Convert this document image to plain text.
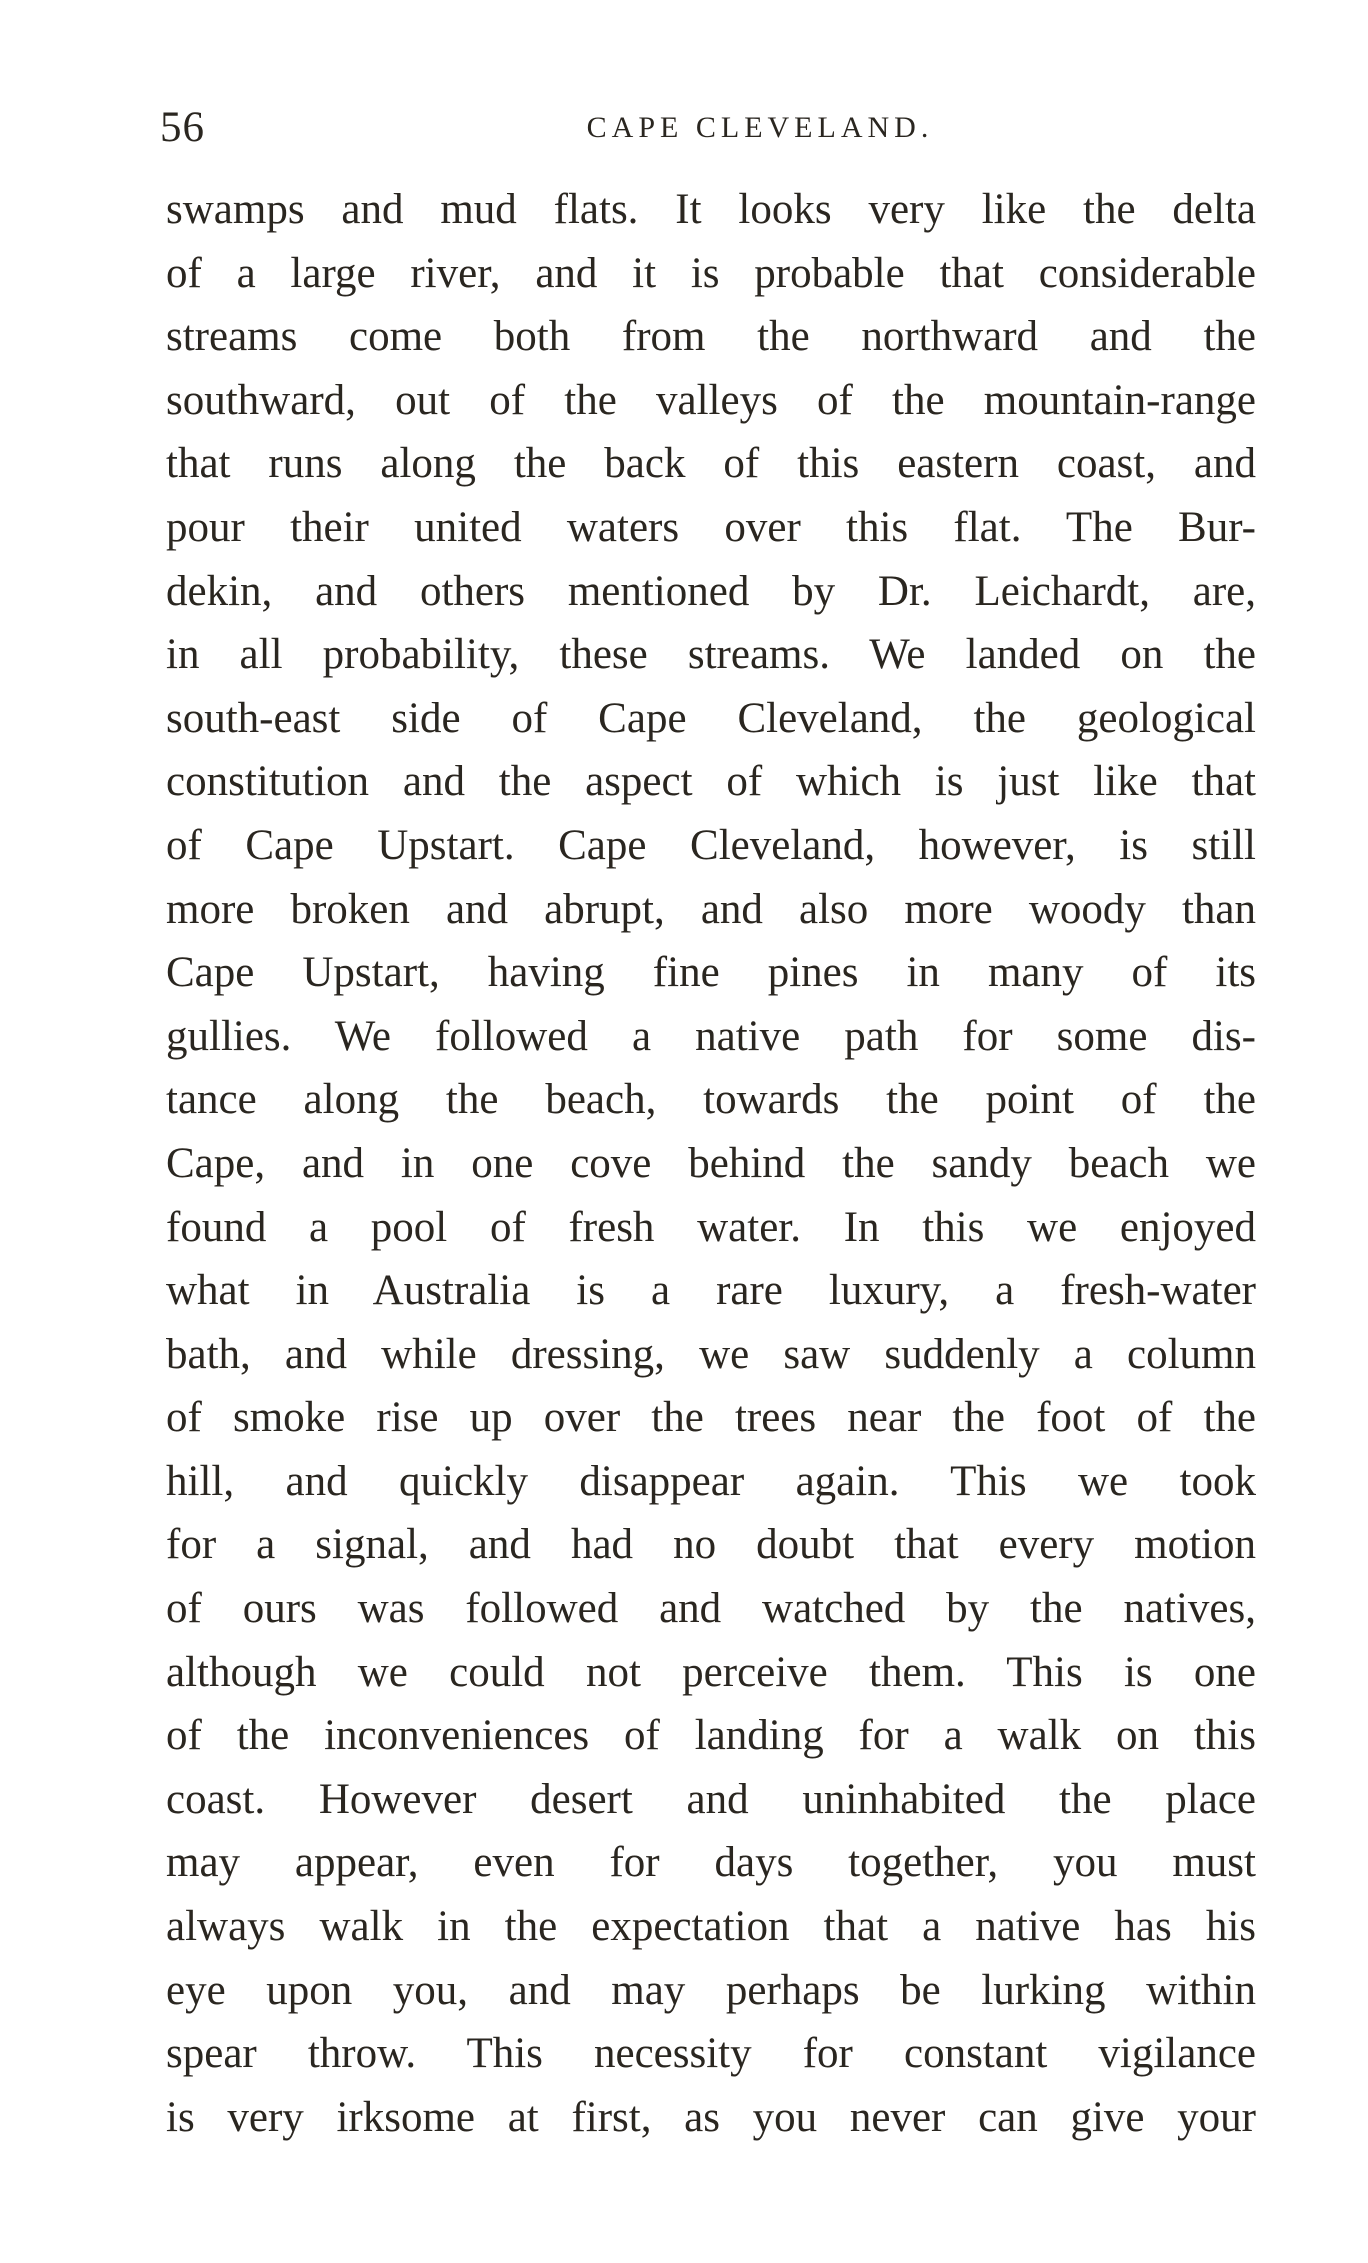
56	CAPE CLEVELAND.
swamps and mud flats. It looks very like the delta
of a large river, and it is probable that considerable
streams come both from the northward and the
southward, out of the valleys of the mountain-range
that runs along the back of this eastern coast, and
pour their united waters over this flat. The Bur-
dekin, and others mentioned by Dr. Leichardt, are,
in all probability, these streams. We landed on the
south-east side of Cape Cleveland, the geological
constitution and the aspect of which is just like that
of Cape Upstart. Cape Cleveland, however, is still
more broken and abrupt, and also more woody than
Cape Upstart, having fine pines in many of its
gullies. We followed a native path for some dis-
tance along the beach, towards the point of the
Cape, and in one cove behind the sandy beach we
found a pool of fresh water. In this we enjoyed
what in Australia is a rare luxury, a fresh-water
bath, and while dressing, we saw suddenly a column
of smoke rise up over the trees near the foot of the
hill, and quickly disappear again. This we took
for a signal, and had no doubt that every motion
of ours was followed and watched by the natives,
although we could not perceive them. This is one
of the inconveniences of landing for a walk on this
coast. However desert and uninhabited the place
may appear, even for days together, you must
always walk in the expectation that a native has his
eye upon you, and may perhaps be lurking within
spear throw. This necessity for constant vigilance
is very irksome at first, as you never can give your
